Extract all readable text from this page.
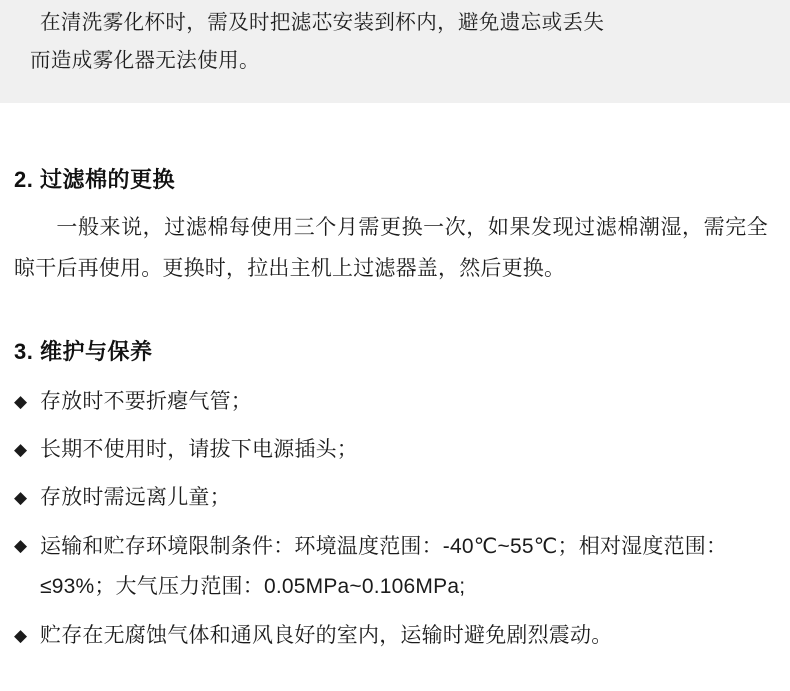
在清洗雾化杯时，需及时把滤芯安装到杯内，避免遗忘或丢失
而造成雾化器无法使用。
2. 过滤棉的更换
一般来说，过滤棉每使用三个月需更换一次，如果发现过滤棉潮湿，需完全晾干后再使用。更换时，拉出主机上过滤器盖，然后更换。
3. 维护与保养
◆ 存放时不要折瘪气管；
◆ 长期不使用时，请拔下电源插头；
◆ 存放时需远离儿童；
◆ 运输和贮存环境限制条件：环境温度范围：-40℃~55℃；相对湿度范围：≤93%；大气压力范围：0.05MPa~0.106MPa;
◆ 贮存在无腐蚀气体和通风良好的室内，运输时避免剧烈震动。
